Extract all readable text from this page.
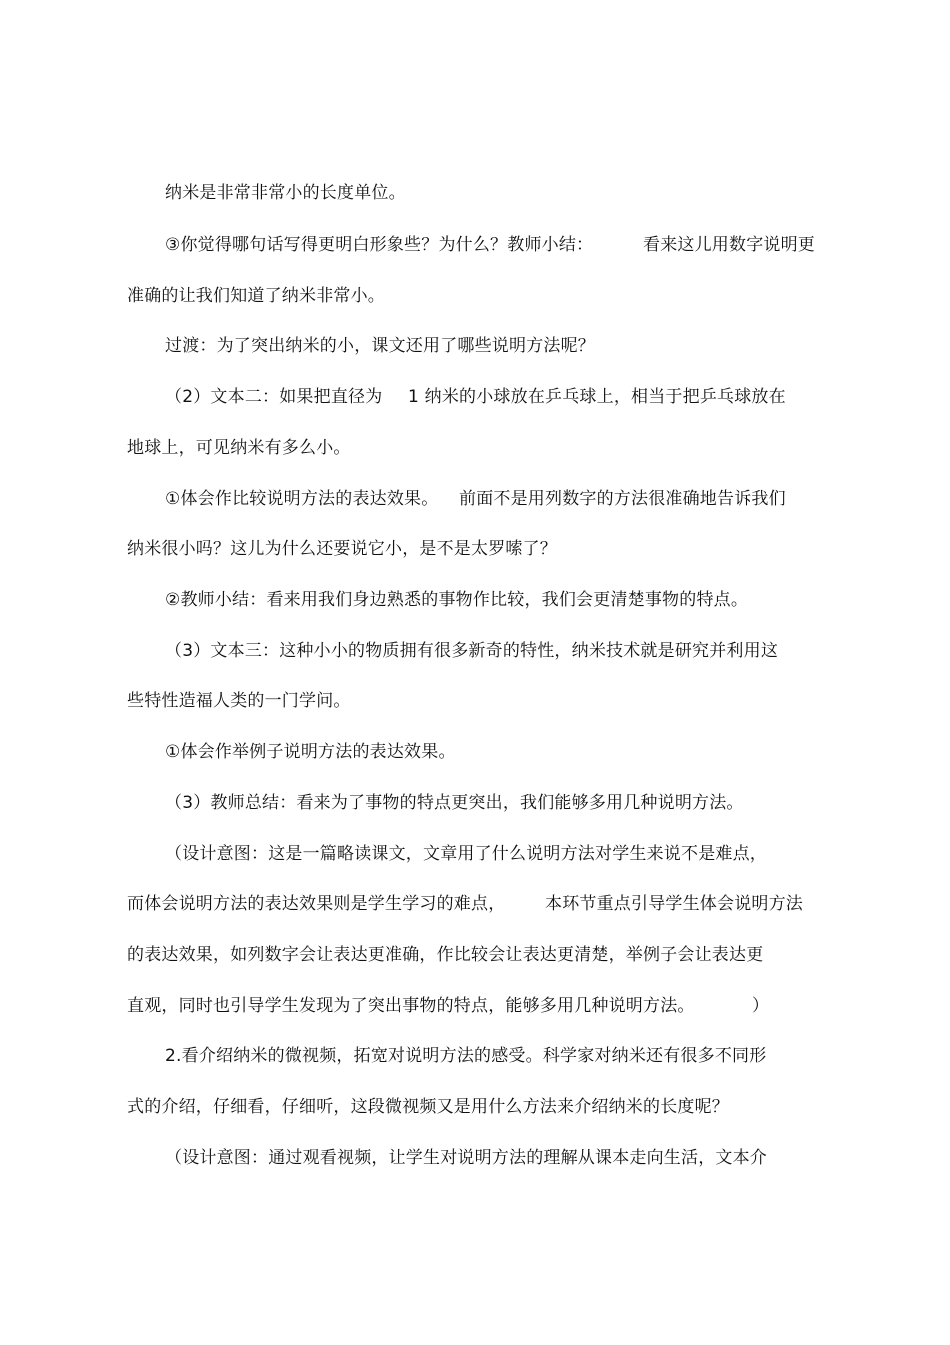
纳米是非常非常小的长度单位。
③你觉得哪句话写得更明白形象些？为什么？教师小结：	看来这儿用数字说明更
准确的让我们知道了纳米非常小。
过渡：为了突出纳米的小，课文还用了哪些说明方法呢？
（2）文本二：如果把直径为 1 纳米的小球放在乒乓球上，相当于把乒乓球放在
地球上，可见纳米有多么小。
①体会作比较说明方法的表达效果。 前面不是用列数字的方法很准确地告诉我们
纳米很小吗？这儿为什么还要说它小，是不是太罗嗦了？
②教师小结：看来用我们身边熟悉的事物作比较，我们会更清楚事物的特点。
（3）文本三：这种小小的物质拥有很多新奇的特性，纳米技术就是研究并利用这
些特性造福人类的一门学问。
①体会作举例子说明方法的表达效果。
（3）教师总结：看来为了事物的特点更突出，我们能够多用几种说明方法。
（设计意图：这是一篇略读课文，文章用了什么说明方法对学生来说不是难点，
而体会说明方法的表达效果则是学生学习的难点， 本环节重点引导学生体会说明方法
的表达效果，如列数字会让表达更准确，作比较会让表达更清楚，举例子会让表达更
直观，同时也引导学生发现为了突出事物的特点，能够多用几种说明方法。	）
2.看介绍纳米的微视频，拓宽对说明方法的感受。科学家对纳米还有很多不同形
式的介绍，仔细看，仔细听，这段微视频又是用什么方法来介绍纳米的长度呢？
（设计意图：通过观看视频，让学生对说明方法的理解从课本走向生活，文本介
